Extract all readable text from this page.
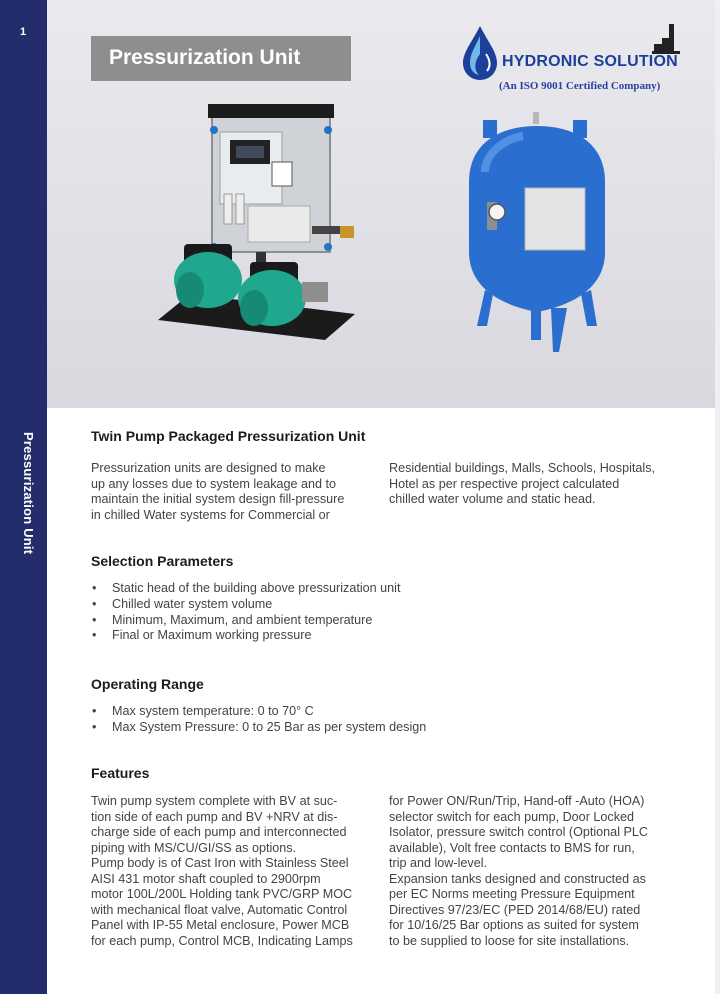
1
Pressurization Unit
Pressurization Unit	HYDRONIC SOLUTION
(An ISO 9001 Certified Company)
Twin Pump Packaged Pressurization Unit

Pressurization units are designed to make

up any losses due to system leakage and to

maintain the initial system design fill-pressure

in chilled Water systems for Commercial or

Residential buildings, Malls, Schools, Hospitals,

Hotel as per respective project calculated

chilled water volume and static head.

Selection Parameters
• Static head of the building above pressurization unit
• Chilled water system volume
• Minimum, Maximum, and ambient temperature
• Final or Maximum working pressure
Operating Range
• Max system temperature: 0 to 70° C
• Max System Pressure: 0 to 25 Bar as per system design
Features

Twin pump system complete with BV at suc-

tion side of each pump and BV +NRV at dis-

charge side of each pump and interconnected

piping with MS/CU/GI/SS as options.

Pump body is of Cast Iron with Stainless Steel

AISI 431 motor shaft coupled to 2900rpm

motor 100L/200L Holding tank PVC/GRP MOC

with mechanical float valve, Automatic Control

Panel with IP-55 Metal enclosure, Power MCB

for each pump, Control MCB, Indicating Lamps

for Power ON/Run/Trip, Hand-off -Auto (HOA)

selector switch for each pump, Door Locked

Isolator, pressure switch control (Optional PLC

available), Volt free contacts to BMS for run,

trip and low-level.

Expansion tanks designed and constructed as

per EC Norms meeting Pressure Equipment

Directives 97/23/EC (PED 2014/68/EU) rated

for 10/16/25 Bar options as suited for system

to be supplied to loose for site installations.
